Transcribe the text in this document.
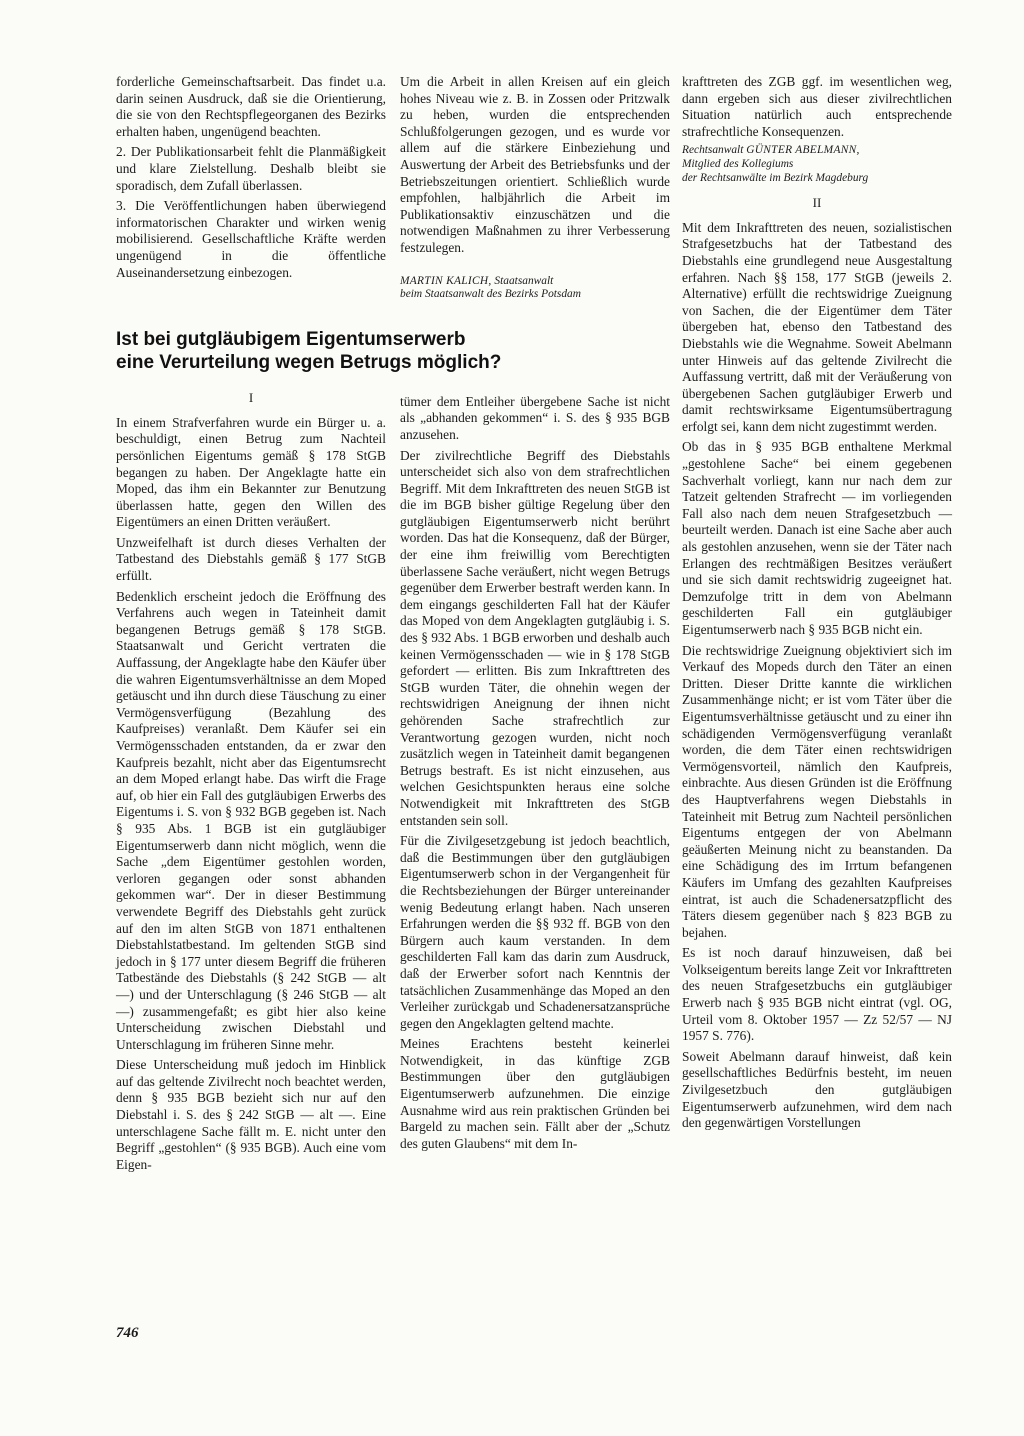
forderliche Gemeinschaftsarbeit. Das findet u.a. darin seinen Ausdruck, daß sie die Orientierung, die sie von den Rechtspflegeorganen des Bezirks erhalten haben, ungenügend beachten.

2. Der Publikationsarbeit fehlt die Planmäßigkeit und klare Zielstellung. Deshalb bleibt sie sporadisch, dem Zufall überlassen.

3. Die Veröffentlichungen haben überwiegend informatorischen Charakter und wirken wenig mobilisierend. Gesellschaftliche Kräfte werden ungenügend in die öffentliche Auseinandersetzung einbezogen.

I

In einem Strafverfahren wurde ein Bürger u. a. beschuldigt, einen Betrug zum Nachteil persönlichen Eigentums gemäß § 178 StGB begangen zu haben. Der Angeklagte hatte ein Moped, das ihm ein Bekannter zur Benutzung überlassen hatte, gegen den Willen des Eigentümers an einen Dritten veräußert.

Unzweifelhaft ist durch dieses Verhalten der Tatbestand des Diebstahls gemäß § 177 StGB erfüllt.

Bedenklich erscheint jedoch die Eröffnung des Verfahrens auch wegen in Tateinheit damit begangenen Betrugs gemäß § 178 StGB. Staatsanwalt und Gericht vertraten die Auffassung, der Angeklagte habe den Käufer über die wahren Eigentumsverhältnisse an dem Moped getäuscht und ihn durch diese Täuschung zu einer Vermögensverfügung (Bezahlung des Kaufpreises) veranlaßt. Dem Käufer sei ein Vermögensschaden entstanden, da er zwar den Kaufpreis bezahlt, nicht aber das Eigentumsrecht an dem Moped erlangt habe. Das wirft die Frage auf, ob hier ein Fall des gutgläubigen Erwerbs des Eigentums i. S. von § 932 BGB gegeben ist. Nach § 935 Abs. 1 BGB ist ein gutgläubiger Eigentumserwerb dann nicht möglich, wenn die Sache „dem Eigentümer gestohlen worden, verloren gegangen oder sonst abhanden gekommen war“. Der in dieser Bestimmung verwendete Begriff des Diebstahls geht zurück auf den im alten StGB von 1871 enthaltenen Diebstahlstatbestand. Im geltenden StGB sind jedoch in § 177 unter diesem Begriff die früheren Tatbestände des Diebstahls (§ 242 StGB — alt —) und der Unterschlagung (§ 246 StGB — alt —) zusammengefaßt; es gibt hier also keine Unterscheidung zwischen Diebstahl und Unterschlagung im früheren Sinne mehr.

Diese Unterscheidung muß jedoch im Hinblick auf das geltende Zivilrecht noch beachtet werden, denn § 935 BGB bezieht sich nur auf den Diebstahl i. S. des § 242 StGB — alt —. Eine unterschlagene Sache fällt m. E. nicht unter den Begriff „gestohlen“ (§ 935 BGB). Auch eine vom Eigen-

Um die Arbeit in allen Kreisen auf ein gleich hohes Niveau wie z. B. in Zossen oder Pritzwalk zu heben, wurden die entsprechenden Schlußfolgerungen gezogen, und es wurde vor allem auf die stärkere Einbeziehung und Auswertung der Arbeit des Betriebsfunks und der Betriebszeitungen orientiert. Schließlich wurde empfohlen, halbjährlich die Arbeit im Publikationsaktiv einzuschätzen und die notwendigen Maßnahmen zu ihrer Verbesserung festzulegen.

MARTIN KALICH, Staatsanwalt
beim Staatsanwalt des Bezirks Potsdam

tümer dem Entleiher übergebene Sache ist nicht als „abhanden gekommen“ i. S. des § 935 BGB anzusehen.

Der zivilrechtliche Begriff des Diebstahls unterscheidet sich also von dem strafrechtlichen Begriff. Mit dem Inkrafttreten des neuen StGB ist die im BGB bisher gültige Regelung über den gutgläubigen Eigentumserwerb nicht berührt worden. Das hat die Konsequenz, daß der Bürger, der eine ihm freiwillig vom Berechtigten überlassene Sache veräußert, nicht wegen Betrugs gegenüber dem Erwerber bestraft werden kann. In dem eingangs geschilderten Fall hat der Käufer das Moped von dem Angeklagten gutgläubig i. S. des § 932 Abs. 1 BGB erworben und deshalb auch keinen Vermögensschaden — wie in § 178 StGB gefordert — erlitten. Bis zum Inkrafttreten des StGB wurden Täter, die ohnehin wegen der rechtswidrigen Aneignung der ihnen nicht gehörenden Sache strafrechtlich zur Verantwortung gezogen wurden, nicht noch zusätzlich wegen in Tateinheit damit begangenen Betrugs bestraft. Es ist nicht einzusehen, aus welchen Gesichtspunkten heraus eine solche Notwendigkeit mit Inkrafttreten des StGB entstanden sein soll.

Für die Zivilgesetzgebung ist jedoch beachtlich, daß die Bestimmungen über den gutgläubigen Eigentumserwerb schon in der Vergangenheit für die Rechtsbeziehungen der Bürger untereinander wenig Bedeutung erlangt haben. Nach unseren Erfahrungen werden die §§ 932 ff. BGB von den Bürgern auch kaum verstanden. In dem geschilderten Fall kam das darin zum Ausdruck, daß der Erwerber sofort nach Kenntnis der tatsächlichen Zusammenhänge das Moped an den Verleiher zurückgab und Schadenersatzansprüche gegen den Angeklagten geltend machte.

Meines Erachtens besteht keinerlei Notwendigkeit, in das künftige ZGB Bestimmungen über den gutgläubigen Eigentumserwerb aufzunehmen. Die einzige Ausnahme wird aus rein praktischen Gründen bei Bargeld zu machen sein. Fällt aber der „Schutz des guten Glaubens“ mit dem In-

krafttreten des ZGB ggf. im wesentlichen weg, dann ergeben sich aus dieser zivilrechtlichen Situation natürlich auch entsprechende strafrechtliche Konsequenzen.

Rechtsanwalt GÜNTER ABELMANN,
Mitglied des Kollegiums
der Rechtsanwälte im Bezirk Magdeburg

II

Mit dem Inkrafttreten des neuen, sozialistischen Strafgesetzbuchs hat der Tatbestand des Diebstahls eine grundlegend neue Ausgestaltung erfahren. Nach §§ 158, 177 StGB (jeweils 2. Alternative) erfüllt die rechtswidrige Zueignung von Sachen, die der Eigentümer dem Täter übergeben hat, ebenso den Tatbestand des Diebstahls wie die Wegnahme. Soweit Abelmann unter Hinweis auf das geltende Zivilrecht die Auffassung vertritt, daß mit der Veräußerung von übergebenen Sachen gutgläubiger Erwerb und damit rechtswirksame Eigentumsübertragung erfolgt sei, kann dem nicht zugestimmt werden.

Ob das in § 935 BGB enthaltene Merkmal „gestohlene Sache“ bei einem gegebenen Sachverhalt vorliegt, kann nur nach dem zur Tatzeit geltenden Strafrecht — im vorliegenden Fall also nach dem neuen Strafgesetzbuch — beurteilt werden. Danach ist eine Sache aber auch als gestohlen anzusehen, wenn sie der Täter nach Erlangen des rechtmäßigen Besitzes veräußert und sie sich damit rechtswidrig zugeeignet hat. Demzufolge tritt in dem von Abelmann geschilderten Fall ein gutgläubiger Eigentumserwerb nach § 935 BGB nicht ein.

Die rechtswidrige Zueignung objektiviert sich im Verkauf des Mopeds durch den Täter an einen Dritten. Dieser Dritte kannte die wirklichen Zusammenhänge nicht; er ist vom Täter über die Eigentumsverhältnisse getäuscht und zu einer ihn schädigenden Vermögensverfügung veranlaßt worden, die dem Täter einen rechtswidrigen Vermögensvorteil, nämlich den Kaufpreis, einbrachte. Aus diesen Gründen ist die Eröffnung des Hauptverfahrens wegen Diebstahls in Tateinheit mit Betrug zum Nachteil persönlichen Eigentums entgegen der von Abelmann geäußerten Meinung nicht zu beanstanden. Da eine Schädigung des im Irrtum befangenen Käufers im Umfang des gezahlten Kaufpreises eintrat, ist auch die Schadenersatzpflicht des Täters diesem gegenüber nach § 823 BGB zu bejahen.

Es ist noch darauf hinzuweisen, daß bei Volkseigentum bereits lange Zeit vor Inkrafttreten des neuen Strafgesetzbuchs ein gutgläubiger Erwerb nach § 935 BGB nicht eintrat (vgl. OG, Urteil vom 8. Oktober 1957 — Zz 52/57 — NJ 1957 S. 776).

Soweit Abelmann darauf hinweist, daß kein gesellschaftliches Bedürfnis besteht, im neuen Zivilgesetzbuch den gutgläubigen Eigentumserwerb aufzunehmen, wird dem nach den gegenwärtigen Vorstellungen

Ist bei gutgläubigem Eigentumserwerb
eine Verurteilung wegen Betrugs möglich?
746
